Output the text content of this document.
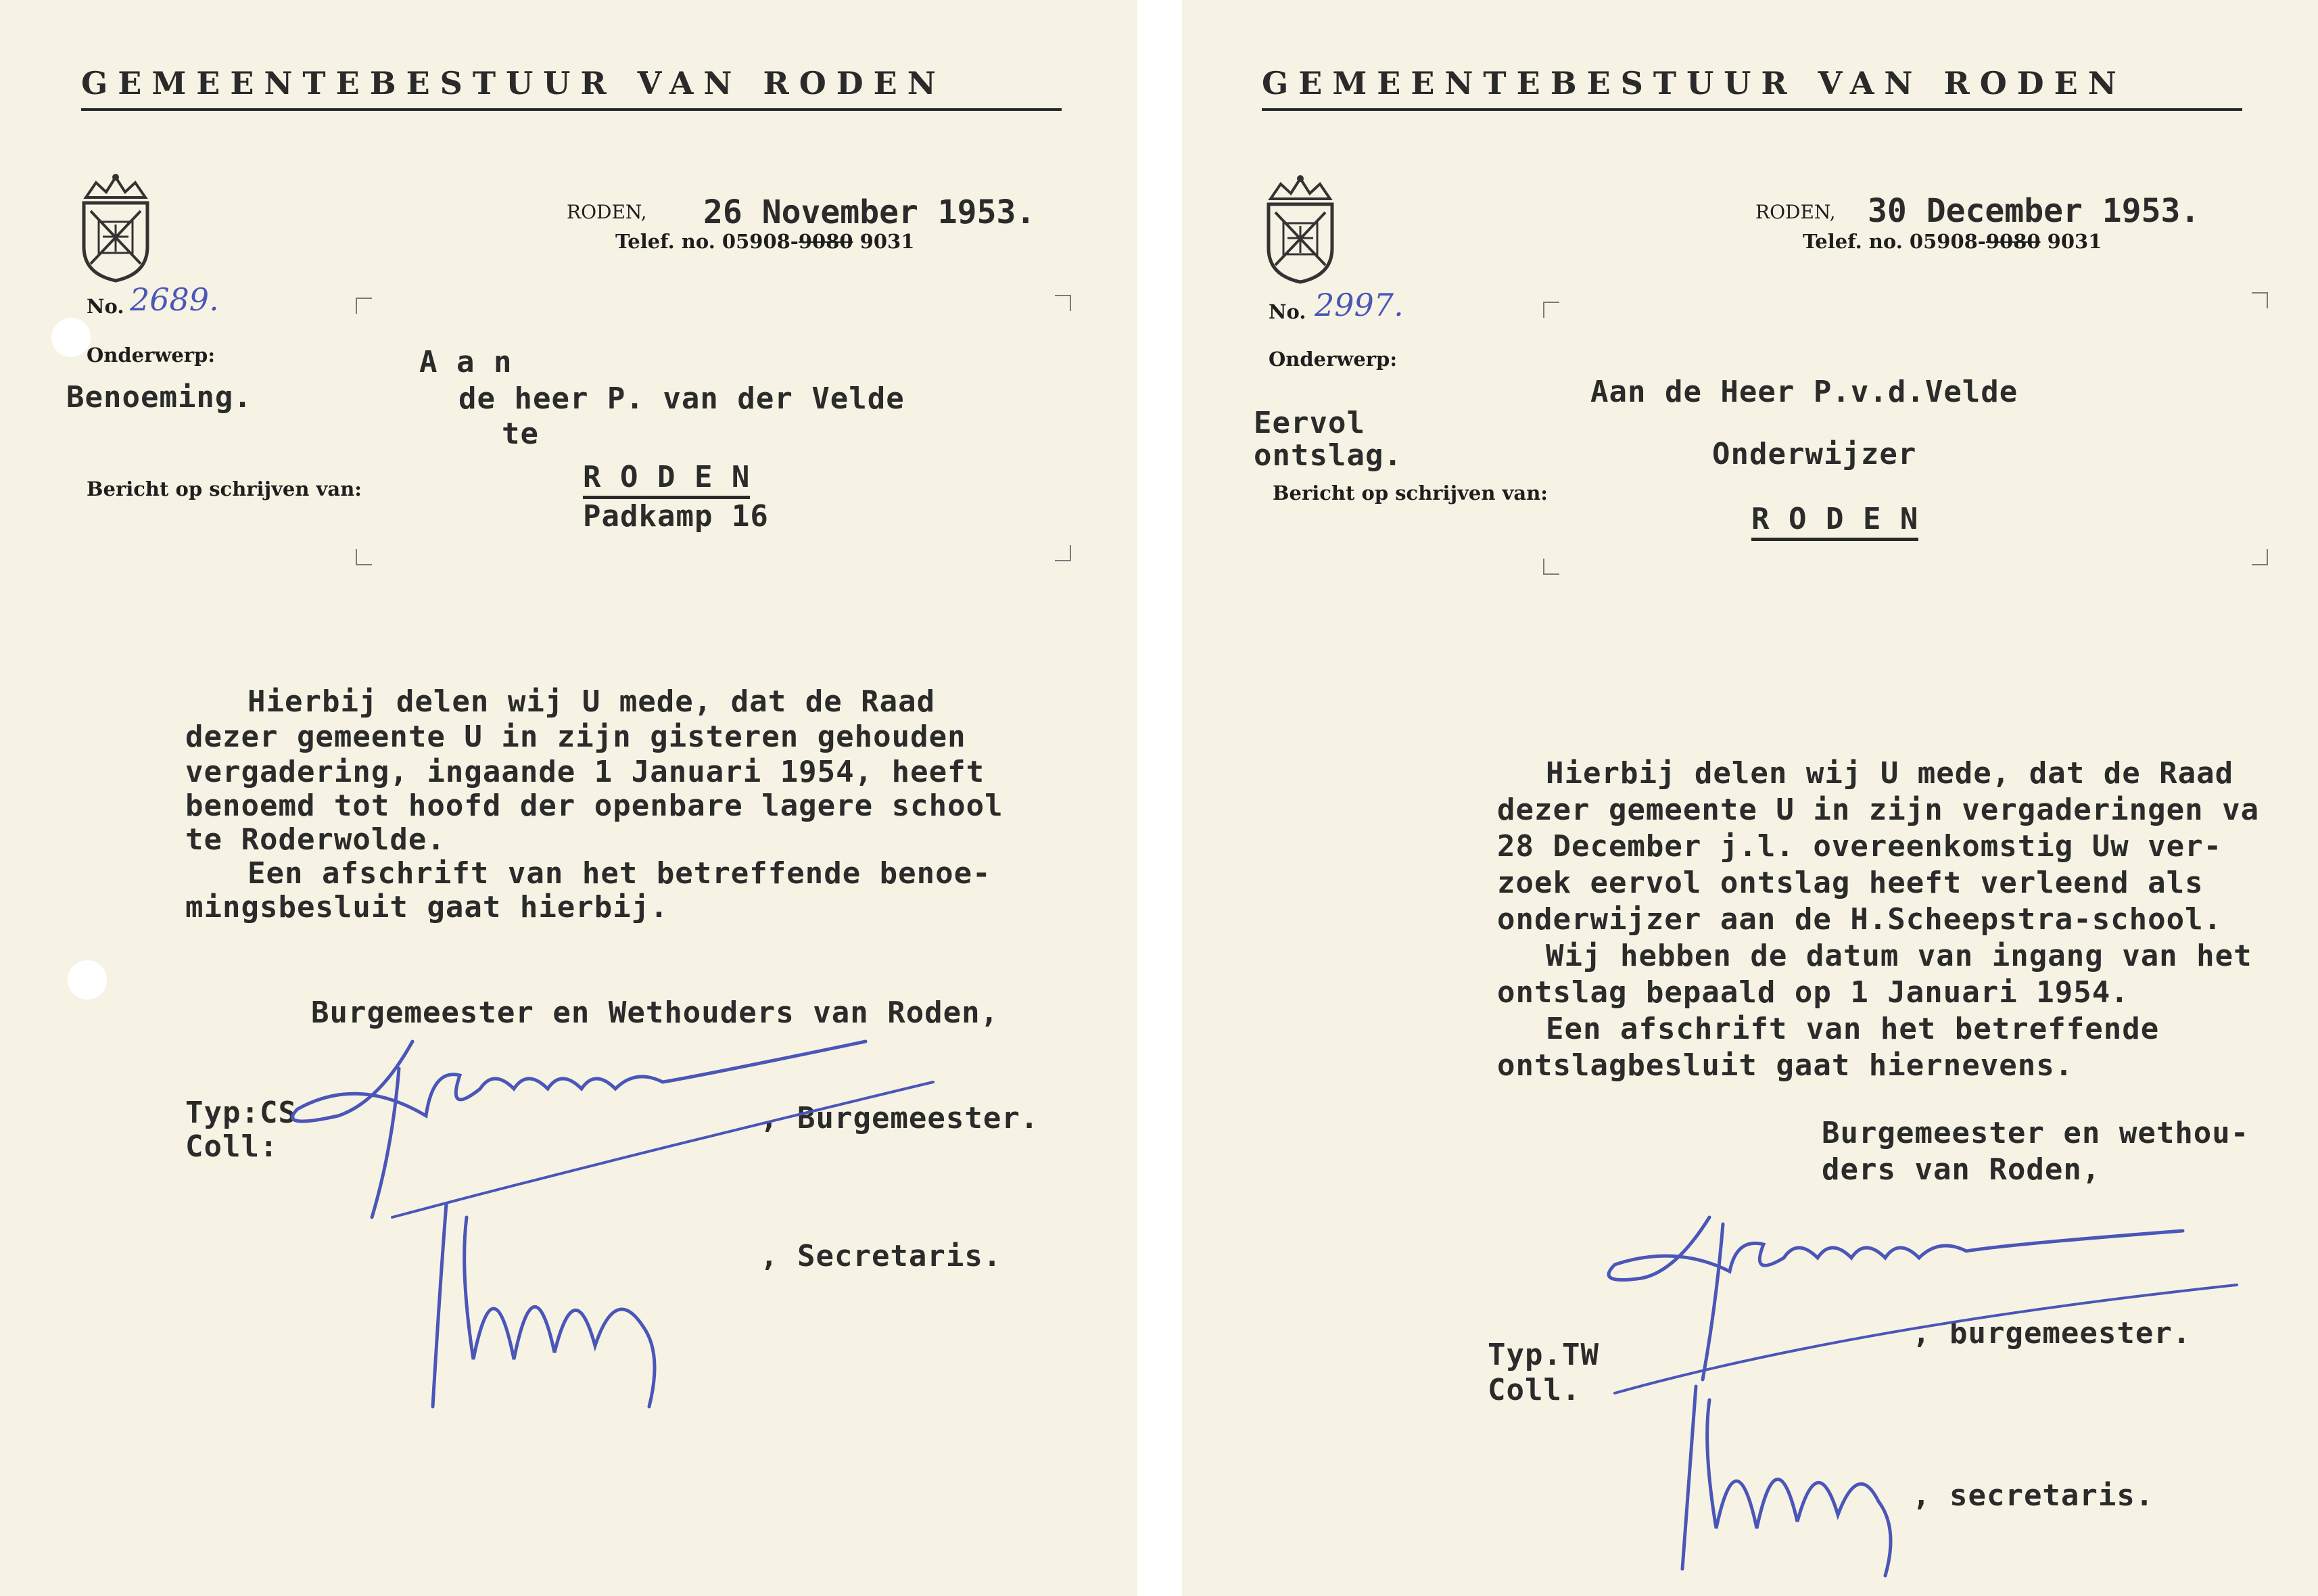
GEMEENTEBESTUUR VAN RODEN
RODEN, 26 November 1953.
Telef. no. 05908-9080 9031
No. 2689.
Onderwerp:
Benoeming.
A a n
de heer P. van der Velde
te
Bericht op schrijven van:	R O D E N
Padkamp 16
Hierbij delen wij U mede, dat de Raad
dezer gemeente U in zijn gisteren gehouden
vergadering, ingaande 1 Januari 1954, heeft
benoemd tot hoofd der openbare lagere school
te Roderwolde.
Een afschrift van het betreffende benoe-
mingsbesluit gaat hierbij.
Burgemeester en Wethouders van Roden,
Typ:CS
Coll:
, Burgemeester.
, Secretaris.
GEMEENTEBESTUUR VAN RODEN
RODEN, 30 December 1953.
Telef. no. 05908-9080 9031
No. 2997.
Onderwerp:
Eervol
ontslag.
Aan de Heer P.v.d.Velde
Onderwijzer
Bericht op schrijven van:
R O D E N
Hierbij delen wij U mede, dat de Raad
dezer gemeente U in zijn vergaderingen va
28 December j.l. overeenkomstig Uw ver-
zoek eervol ontslag heeft verleend als
onderwijzer aan de H.Scheepstra-school.
Wij hebben de datum van ingang van het
ontslag bepaald op 1 Januari 1954.
Een afschrift van het betreffende
ontslagbesluit gaat hiernevens.
Burgemeester en wethou-
ders van Roden,
Typ.TW
Coll.
, burgemeester.
, secretaris.
